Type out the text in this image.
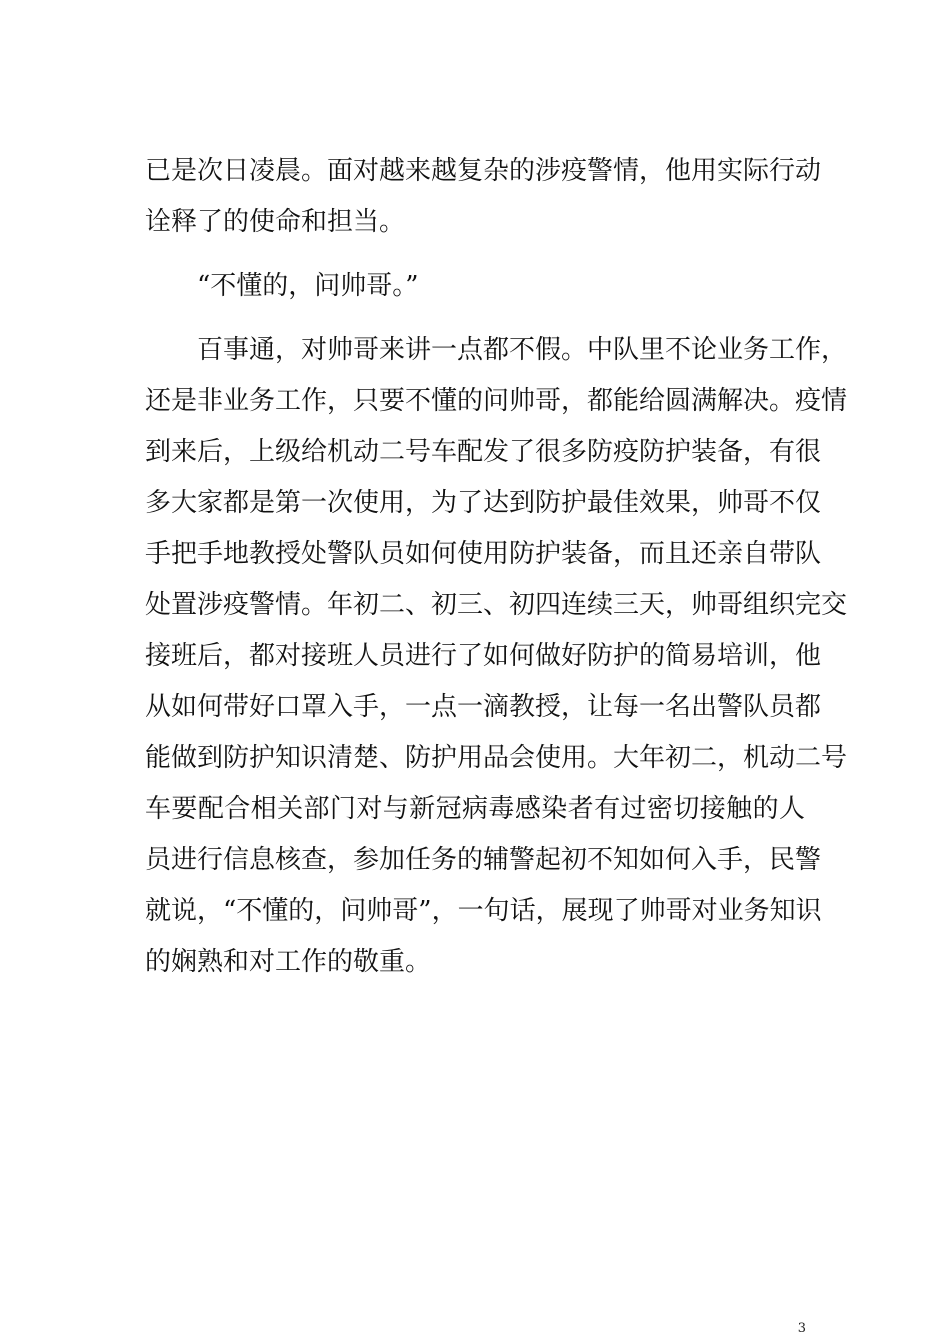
已是次日凌晨。面对越来越复杂的涉疫警情，他用实际行动
诠释了的使命和担当。
“不懂的，问帅哥。”
百事通，对帅哥来讲一点都不假。中队里不论业务工作，
还是非业务工作，只要不懂的问帅哥，都能给圆满解决。疫情
到来后，上级给机动二号车配发了很多防疫防护装备，有很
多大家都是第一次使用，为了达到防护最佳效果，帅哥不仅
手把手地教授处警队员如何使用防护装备，而且还亲自带队
处置涉疫警情。年初二、初三、初四连续三天，帅哥组织完交
接班后，都对接班人员进行了如何做好防护的简易培训，他
从如何带好口罩入手，一点一滴教授，让每一名出警队员都
能做到防护知识清楚、防护用品会使用。大年初二，机动二号
车要配合相关部门对与新冠病毒感染者有过密切接触的人
员进行信息核查，参加任务的辅警起初不知如何入手，民警
就说，“不懂的，问帅哥”，一句话，展现了帅哥对业务知识
的娴熟和对工作的敬重。
3
